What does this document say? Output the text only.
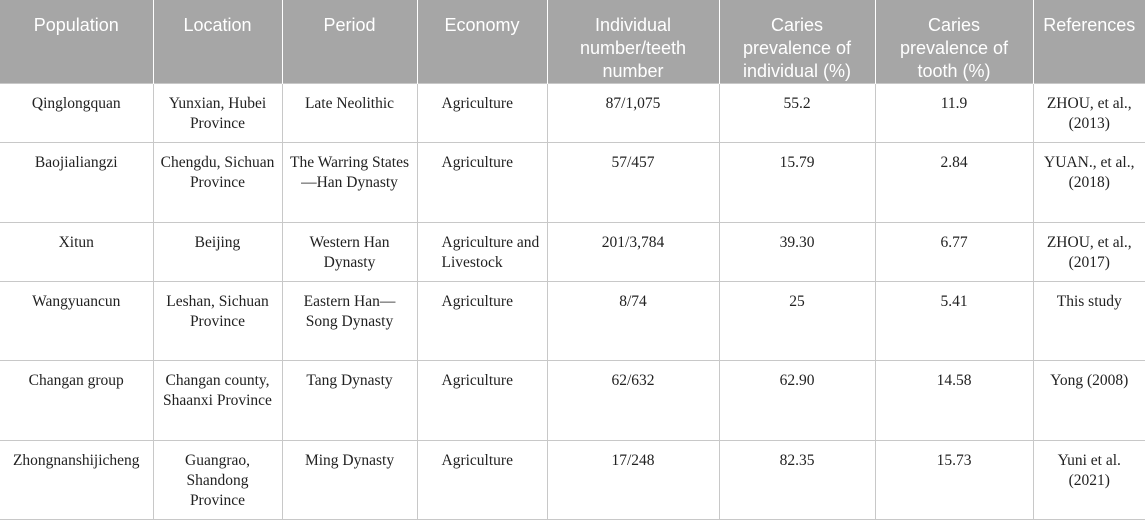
Population	Location	Period	Economy	Individual number/teeth number	Caries prevalence of individual (%)	Caries prevalence of tooth (%)	References
Qinglongquan	Yunxian, Hubei Province	Late Neolithic	Agriculture	87/1,075	55.2	11.9	ZHOU, et al., (2013)
Baojialiangzi	Chengdu, Sichuan Province	The Warring States—Han Dynasty	Agriculture	57/457	15.79	2.84	YUAN., et al., (2018)
Xitun	Beijing	Western Han Dynasty	Agriculture and Livestock	201/3,784	39.30	6.77	ZHOU, et al., (2017)
Wangyuancun	Leshan, Sichuan Province	Eastern Han—Song Dynasty	Agriculture	8/74	25	5.41	This study
Changan group	Changan county, Shaanxi Province	Tang Dynasty	Agriculture	62/632	62.90	14.58	Yong (2008)
Zhongnanshijicheng	Guangrao, Shandong Province	Ming Dynasty	Agriculture	17/248	82.35	15.73	Yuni et al. (2021)
